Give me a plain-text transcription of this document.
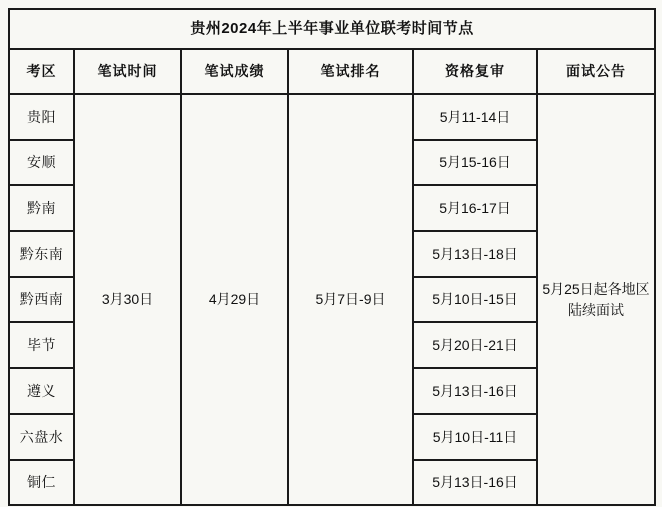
贵州2024年上半年事业单位联考时间节点					
考区	笔试时间	笔试成绩	笔试排名	资格复审	面试公告
贵阳	3月30日	4月29日	5月7日-9日	5月11-14日	5月25日起各地区陆续面试
安顺				5月15-16日	
黔南				5月16-17日	
黔东南				5月13日-18日	
黔西南				5月10日-15日	
毕节				5月20日-21日	
遵义				5月13日-16日	
六盘水				5月10日-11日	
铜仁				5月13日-16日	
